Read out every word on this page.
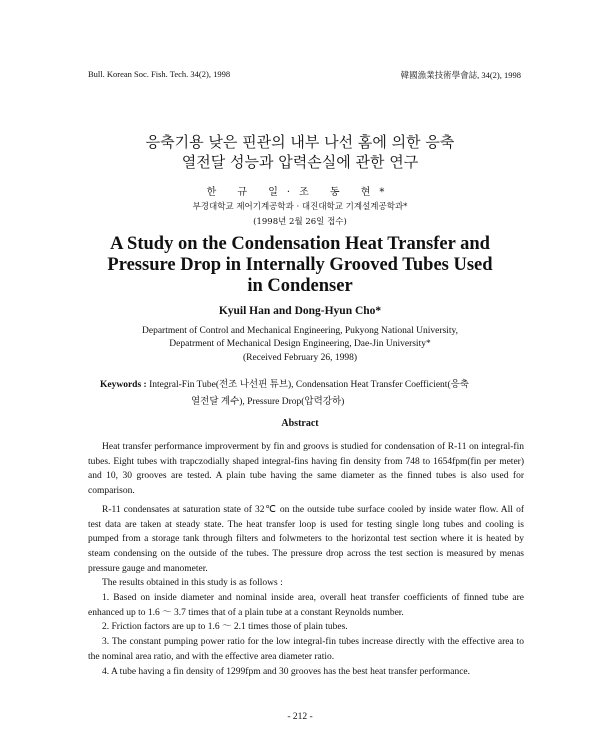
Bull. Korean Soc. Fish. Tech. 34(2), 1998	韓國漁業技術學會誌, 34(2), 1998
응축기용 낮은 핀관의 내부 나선 홈에 의한 응축
열전달 성능과 압력손실에 관한 연구
한 규 일·조 동 현*
부경대학교 제어기계공학과 · 대진대학교 기계설계공학과*
(1998년 2월 26일 접수)
A Study on the Condensation Heat Transfer and
Pressure Drop in Internally Grooved Tubes Used
in Condenser
Kyuil Han and Dong-Hyun Cho*
Department of Control and Mechanical Engineering, Pukyong National University,
Depatrment of Mechanical Design Engineering, Dae-Jin University*
(Received February 26, 1998)
Keywords : Integral-Fin Tube(전조 나선핀 튜브), Condensation Heat Transfer Coefficient(응축
열전달 계수), Pressure Drop(압력강하)
Abstract

Heat transfer performance improverment by fin and groovs is studied for condensation of R-11 on integral-fin tubes. Eight tubes with trapczodially shaped integral-fins having fin density from 748 to 1654fpm(fin per meter) and 10, 30 grooves are tested. A plain tube having the same diameter as the finned tubes is also used for comparison.

R-11 condensates at saturation state of 32℃ on the outside tube surface cooled by inside water flow. All of test data are taken at steady state. The heat transfer loop is used for testing single long tubes and cooling is pumped from a storage tank through filters and folwmeters to the horizontal test section where it is heated by steam condensing on the outside of the tubes. The pressure drop across the test section is measured by menas pressure gauge and manometer.

The results obtained in this study is as follows :

1. Based on inside diameter and nominal inside area, overall heat transfer coefficients of finned tube are enhanced up to 1.6 ～ 3.7 times that of a plain tube at a constant Reynolds number.

2. Friction factors are up to 1.6 ～ 2.1 times those of plain tubes.

3. The constant pumping power ratio for the low integral-fin tubes increase directly with the effective area to the nominal area ratio, and with the effective area diameter ratio.

4. A tube having a fin density of 1299fpm and 30 grooves has the best heat transfer performance.

- 212 -
